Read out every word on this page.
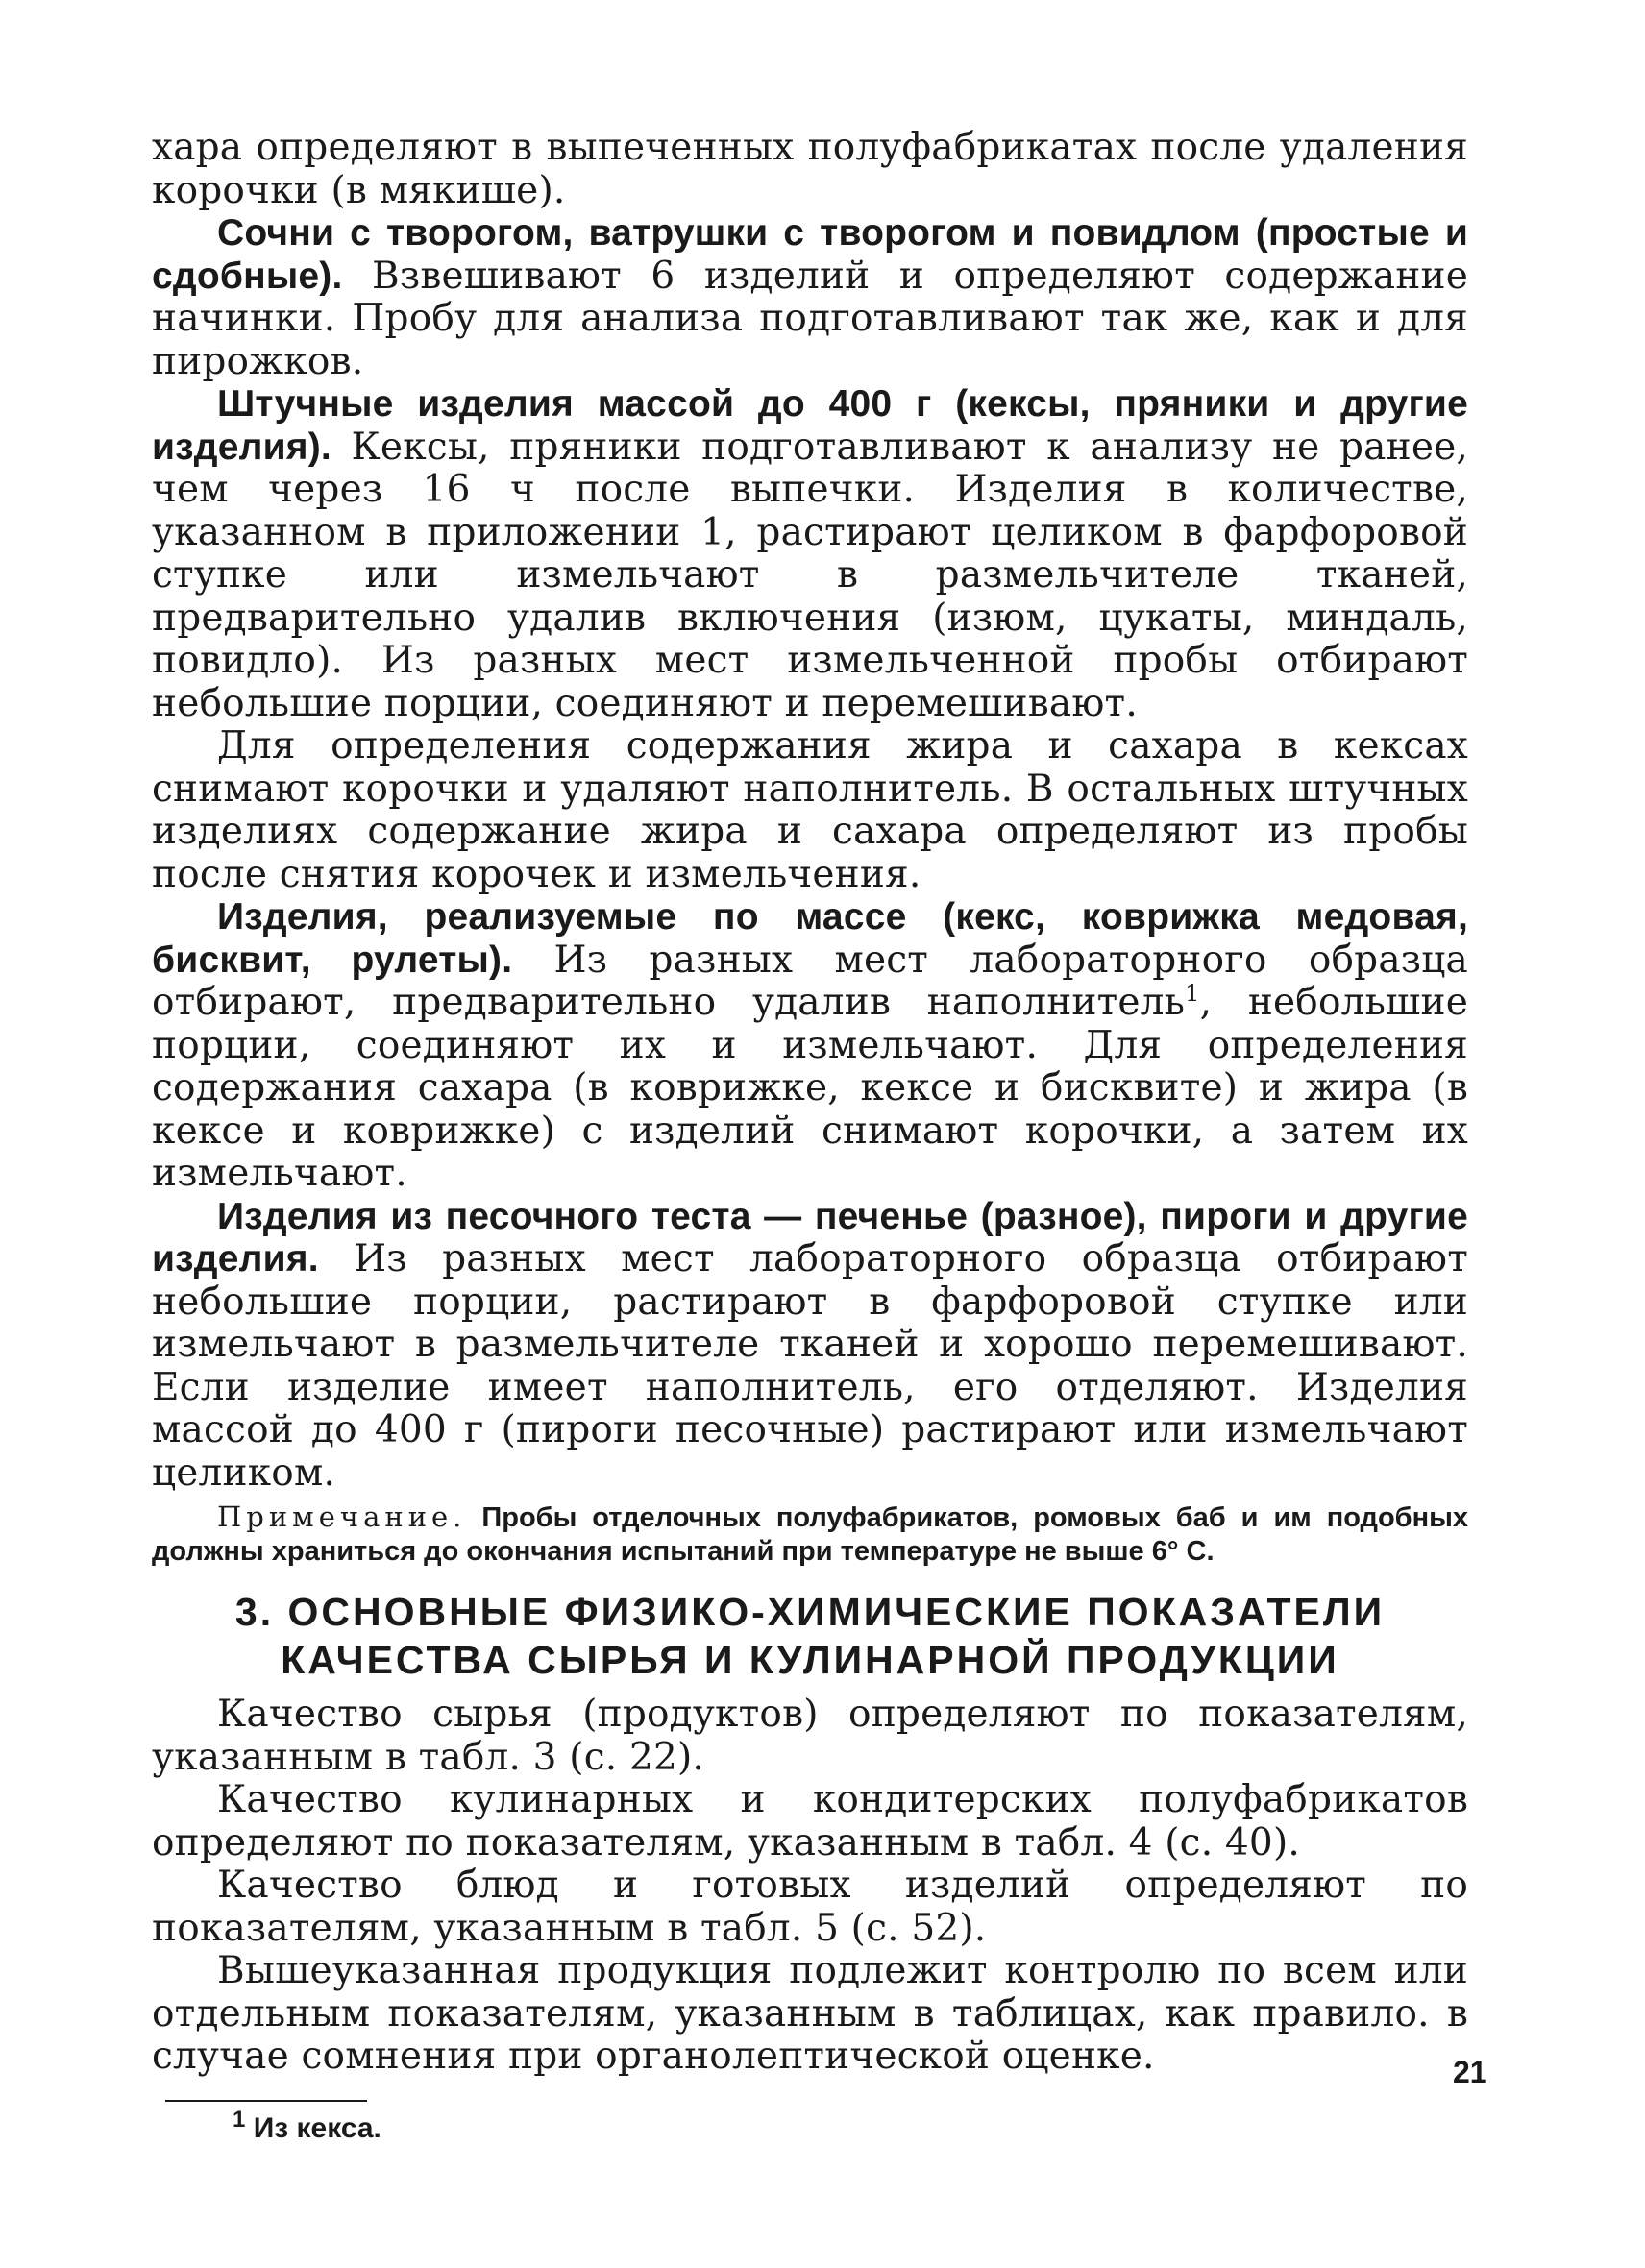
хара определяют в выпеченных полуфабрикатах после удаления корочки (в мякише).

Сочни с творогом, ватрушки с творогом и повидлом (простые и сдобные). Взвешивают 6 изделий и определяют содержание начинки. Пробу для анализа подготавливают так же, как и для пирожков.

Штучные изделия массой до 400 г (кексы, пряники и другие изделия). Кексы, пряники подготавливают к анализу не ранее, чем через 16 ч после выпечки. Изделия в количестве, указанном в приложении 1, растирают целиком в фарфоровой ступке или измельчают в размельчителе тканей, предварительно удалив включения (изюм, цукаты, миндаль, повидло). Из разных мест измельченной пробы отбирают небольшие порции, соединяют и перемешивают.

Для определения содержания жира и сахара в кексах снимают корочки и удаляют наполнитель. В остальных штучных изделиях содержание жира и сахара определяют из пробы после снятия корочек и измельчения.

Изделия, реализуемые по массе (кекс, коврижка медовая, бисквит, рулеты). Из разных мест лабораторного образца отбирают, предварительно удалив наполнитель$^1$, небольшие порции, соединяют их и измельчают. Для определения содержания сахара (в коврижке, кексе и бисквите) и жира (в кексе и коврижке) с изделий снимают корочки, а затем их измельчают.

Изделия из песочного теста — печенье (разное), пироги и другие изделия. Из разных мест лабораторного образца отбирают небольшие порции, растирают в фарфоровой ступке или измельчают в размельчителе тканей и хорошо перемешивают. Если изделие имеет наполнитель, его отделяют. Изделия массой до 400 г (пироги песочные) растирают или измельчают целиком.

Примечание. Пробы отделочных полуфабрикатов, ромовых баб и им подобных должны храниться до окончания испытаний при температуре не выше 6° С.

3. ОСНОВНЫЕ ФИЗИКО-ХИМИЧЕСКИЕ ПОКАЗАТЕЛИ
КАЧЕСТВА СЫРЬЯ И КУЛИНАРНОЙ ПРОДУКЦИИ

Качество сырья (продуктов) определяют по показателям, указанным в табл. 3 (с. 22).

Качество кулинарных и кондитерских полуфабрикатов определяют по показателям, указанным в табл. 4 (с. 40).

Качество блюд и готовых изделий определяют по показателям, указанным в табл. 5 (с. 52).

Вышеуказанная продукция подлежит контролю по всем или отдельным показателям, указанным в таблицах, как правило. в случае сомнения при органолептической оценке.

$^1$ Из кекса.
21
